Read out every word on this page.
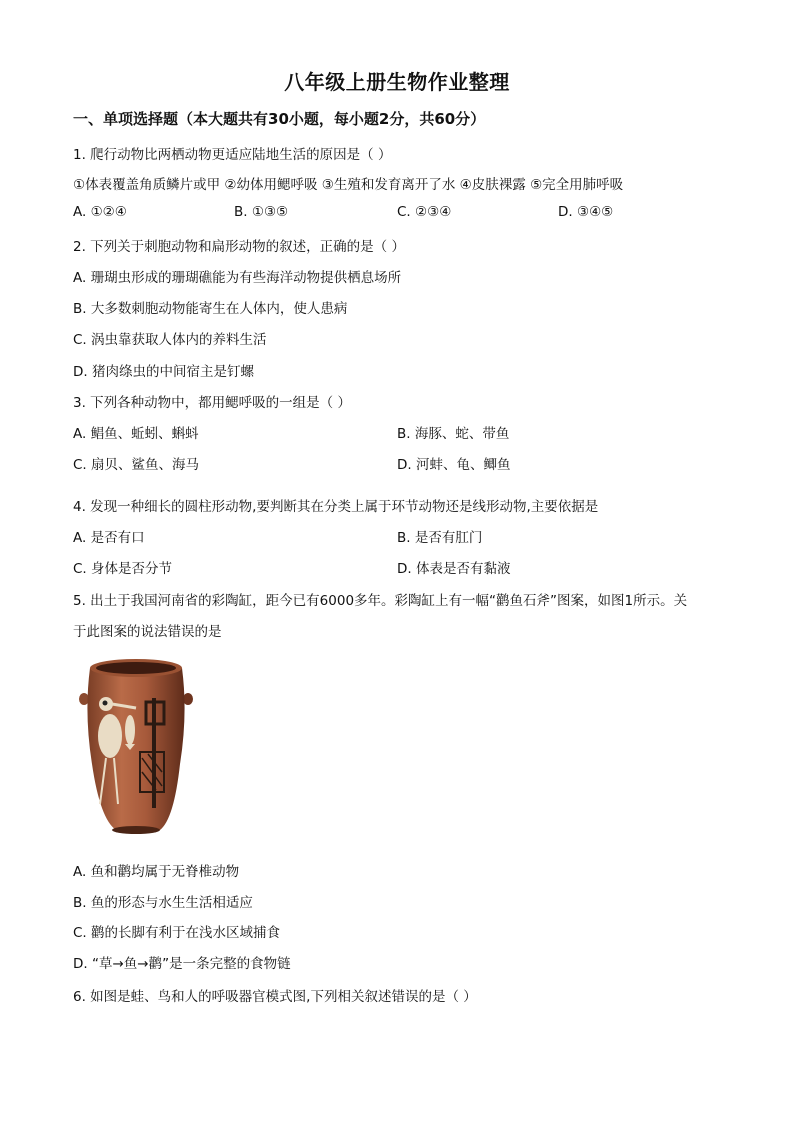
八年级上册生物作业整理
一、单项选择题（本大题共有30小题，每小题2分，共60分）
1. 爬行动物比两栖动物更适应陆地生活的原因是（ ）
①体表覆盖角质鳞片或甲 ②幼体用鳃呼吸 ③生殖和发育离开了水 ④皮肤裸露 ⑤完全用肺呼吸
A. ①②④	B. ①③⑤	C. ②③④	D. ③④⑤
2. 下列关于刺胞动物和扁形动物的叙述，正确的是（ ）
A. 珊瑚虫形成的珊瑚礁能为有些海洋动物提供栖息场所
B. 大多数刺胞动物能寄生在人体内，使人患病
C. 涡虫靠获取人体内的养料生活
D. 猪肉绦虫的中间宿主是钉螺
3. 下列各种动物中，都用鳃呼吸的一组是（ ）
A. 鲳鱼、蚯蚓、蝌蚪	B. 海豚、蛇、带鱼
C. 扇贝、鲨鱼、海马	D. 河蚌、龟、鲫鱼
4. 发现一种细长的圆柱形动物,要判断其在分类上属于环节动物还是线形动物,主要依据是
A. 是否有口	B. 是否有肛门
C. 身体是否分节	D. 体表是否有黏液
5. 出土于我国河南省的彩陶缸，距今已有6000多年。彩陶缸上有一幅“鹳鱼石斧”图案，如图1所示。关
于此图案的说法错误的是
A. 鱼和鹳均属于无脊椎动物
B. 鱼的形态与水生生活相适应
C. 鹳的长脚有利于在浅水区域捕食
D. “草→鱼→鹳”是一条完整的食物链
6. 如图是蛙、鸟和人的呼吸器官模式图,下列相关叙述错误的是（ ）
